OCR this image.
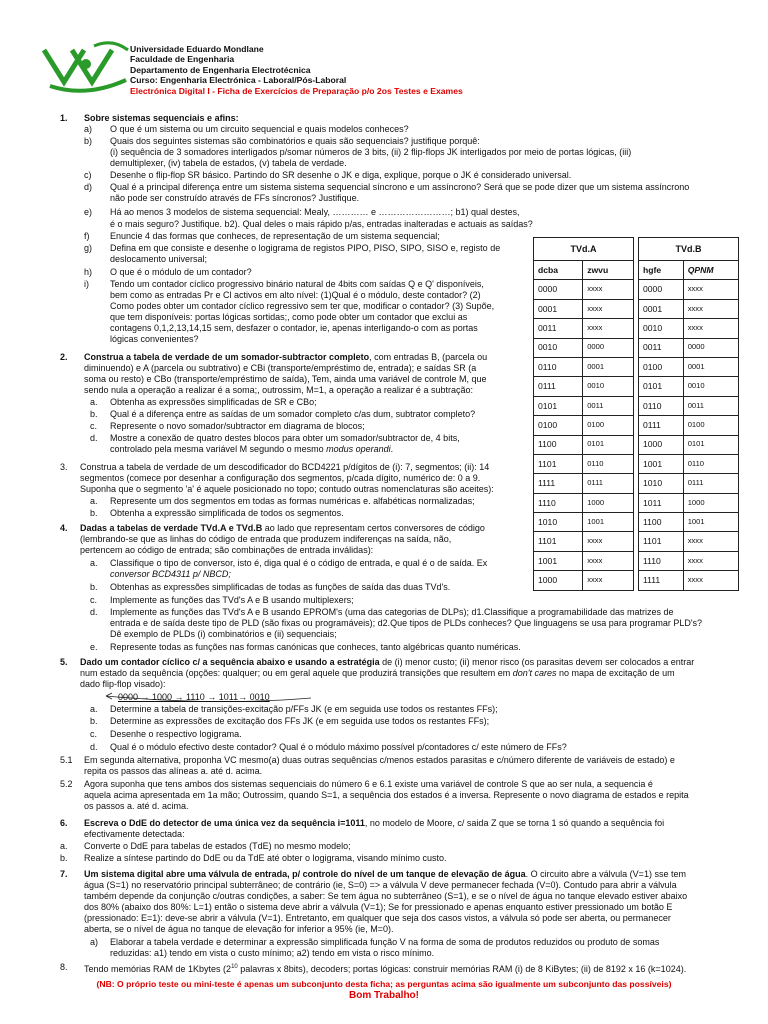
Universidade Eduardo Mondlane
Faculdade de Engenharia
Departamento de Engenharia Electrotécnica
Curso: Engenharia Electrónica - Laboral/Pós-Laboral
Electrónica Digital I - Ficha de Exercícios de Preparação p/o 2os Testes e Exames
1. Sobre sistemas sequenciais e afins:
a) O que é um sistema ou um circuito sequencial e quais modelos conheces?
b) Quais dos seguintes sistemas são combinatórios e quais são sequenciais? justifique porquê:
(i) sequência de 3 somadores interligados p/somar números de 3 bits, (ii) 2 flip-flops JK interligados por meio de portas lógicas, (iii)
demultiplexer, (iv) tabela de estados, (v) tabela de verdade.
c) Desenhe o flip-flop SR básico. Partindo do SR desenhe o JK e diga, explique, porque o JK é considerado universal.
d) Qual é a principal diferença entre um sistema sistema sequencial síncrono e um assíncrono? Será que se pode dizer que um sistema assíncrono
não pode ser construído através de FFs síncronos? Justifique.
e) Há ao menos 3 modelos de sistema sequencial: Mealy, ………… e ……………………; b1) qual destes,
é o mais seguro? Justifique. b2). Qual deles o mais rápido p/as, entradas inalteradas e actuais as saídas?
f) Enuncie 4 das formas que conheces, de representação de um sistema sequencial;
g) Defina em que consiste e desenhe o logigrama de registos PIPO, PISO, SIPO, SISO e, registo de
deslocamento universal;
h) O que é o módulo de um contador?
i) Tendo um contador cíclico progressivo binário natural de 4bits com saídas Q e Q' disponíveis,
bem como as entradas Pr e Cl activos em alto nível: (1)Qual é o módulo, deste contador? (2)
Como podes obter um contador cíclico regressivo sem ter que, modificar o contador? (3) Supõe,
que tem disponíveis: portas lógicas sortidas;, como pode obter um contador que exclui as
contagens 0,1,2,13,14,15 sem, desfazer o contador, ie, apenas interligando-o com as portas
lógicas convenientes?
2. Construa a tabela de verdade de um somador-subtractor completo, com entradas B, (parcela ou
diminuendo) e A (parcela ou subtrativo) e CBi (transporte/empréstimo de, entrada); e saídas SR (a
soma ou resto) e CBo (transporte/empréstimo de saída), Tem, ainda uma variável de controle M, que
sendo nula a operação a realizar é a soma;, outrossim, M=1, a operação a realizar é a subtração:
a. Obtenha as expressões simplificadas de SR e CBo;
b. Qual é a diferença entre as saídas de um somador completo c/as dum, subtrator completo?
c. Represente o novo somador/subtractor em diagrama de blocos;
d. Mostre a conexão de quatro destes blocos para obter um somador/subtractor de, 4 bits,
controlado pela mesma variável M segundo o mesmo modus operandi.
3. Construa a tabela de verdade de um descodificador do BCD4221 p/dígitos de (i): 7, segmentos; (ii): 14
segmentos (comece por desenhar a configuração dos segmentos, p/cada dígito, numérico de: 0 a 9.
Suponha que o segmento 'a' é aquele posicionado no topo; contudo outras nomenclaturas são aceites):
a. Represente um dos segmentos em todas as formas numéricas e. alfabéticas normalizadas;
b. Obtenha a expressão simplificada de todos os segmentos.
4. Dadas a tabelas de verdade TVd.A e TVd.B ao lado que representam certos conversores de código
(lembrando-se que as linhas do código de entrada que produzem indiferenças na saída, não,
pertencem ao código de entrada; são combinações de entrada inválidas):
a. Classifique o tipo de conversor, isto é, diga qual é o código de entrada, e qual é o de saída. Ex
conversor BCD4311 p/ NBCD;
b. Obtenhas as expressões simplificadas de todas as funções de saída das duas TVd's.
c. Implemente as funções das TVd's A e B usando multiplexers;
d. Implemente as funções das TVd's A e B usando EPROM's (uma das categorias de DLPs); d1.Classifique a programabilidade das matrizes de
entrada e de saída deste tipo de PLD (são fixas ou programáveis); d2.Que tipos de PLDs conheces? Que linguagens se usa para programar PLD's?
Dê exemplo de PLDs (i) combinatórios e (ii) sequenciais;
e. Represente todas as funções nas formas canónicas que conheces, tanto algébricas quanto numéricas.
5. Dado um contador cíclico c/ a sequência abaixo e usando a estratégia de (i) menor custo; (ii) menor risco (os parasitas devem ser colocados a entrar
num estado da sequência (opções: qualquer; ou em geral aquele que produzirá transições que resultem em don't cares no mapa de excitação de um
dado flip-flop visado):
0000 → 1000 → 1110 → 1011→ 0010
a. Determine a tabela de transições-excitação p/FFs JK (e em seguida use todos os restantes FFs);
b. Determine as expressões de excitação dos FFs JK (e em seguida use todos os restantes FFs);
c. Desenhe o respectivo logigrama.
d. Qual é o módulo efectivo deste contador? Qual é o módulo máximo possível p/contadores c/ este número de FFs?
5.1 Em segunda alternativa, proponha VC mesmo(a) duas outras sequências c/menos estados parasitas e c/número diferente de variáveis de estado) e
repita os passos das alíneas a. até d. acima.
5.2 Agora suponha que tens ambos dos sistemas sequenciais do número 6 e 6.1 existe uma variável de controle S que ao ser nula, a sequencia é
aquela acima apresentada em 1a mão; Outrossim, quando S=1, a sequência dos estados é a inversa. Represente o novo diagrama de estados e repita
os passos a. até d. acima.
6. Escreva o DdE do detector de uma única vez da sequência i=1011, no modelo de Moore, c/ saida Z que se torna 1 só quando a sequência foi
efectivamente detectada:
a. Converte o DdE para tabelas de estados (TdE) no mesmo modelo;
b. Realize a síntese partindo do DdE ou da TdE até obter o logigrama, visando mínimo custo.
7. Um sistema digital abre uma válvula de entrada, p/ controle do nível de um tanque de elevação de água. O circuito abre a válvula (V=1) sse tem
água (S=1) no reservatório principal subterrâneo; de contrário (ie, S=0) => a válvula V deve permanecer fechada (V=0). Contudo para abrir a válvula
também depende da conjunção c/outras condições, a saber: Se tem água no subterrâneo (S=1), e se o nível de água no tanque elevado estiver abaixo
dos 80% (abaixo dos 80%: L=1) então o sistema deve abrir a válvula (V=1); Se for pressionado e apenas enquanto estiver pressionado um botão E
(pressionado: E=1): deve-se abrir a válvula (V=1). Entretanto, em qualquer que seja dos casos vistos, a válvula só pode ser aberta, ou permanecer
aberta, se o nível de água no tanque de elevação for inferior a 95% (ie, M=0).
a) Elaborar a tabela verdade e determinar a expressão simplificada função V na forma de soma de produtos reduzidos ou produto de somas
reduzidas: a1) tendo em vista o custo mínimo; a2) tendo em vista o risco mínimo.
8. Tendo memórias RAM de 1Kbytes ($2^{10}$ palavras x 8bits), decoders; portas lógicas: construir memórias RAM (i) de 8 KiBytes; (ii) de 8192 x 16 (k=1024).
(NB: O próprio teste ou mini-teste é apenas um subconjunto desta ficha; as perguntas acima são igualmente um subconjunto das possíveis)
Bom Trabalho!
TVd.A	
dcba	zwvu
0000	xxxx
0001	xxxx
0011	xxxx
0010	0000
0110	0001
0111	0010
0101	0011
0100	0100
1100	0101
1101	0110
1111	0111
1110	1000
1010	1001
1101	xxxx
1001	xxxx
1000	xxxx
TVd.B	
hgfe	QPNM
0000	xxxx
0001	xxxx
0010	xxxx
0011	0000
0100	0001
0101	0010
0110	0011
0111	0100
1000	0101
1001	0110
1010	0111
1011	1000
1100	1001
1101	xxxx
1110	xxxx
1111	xxxx
